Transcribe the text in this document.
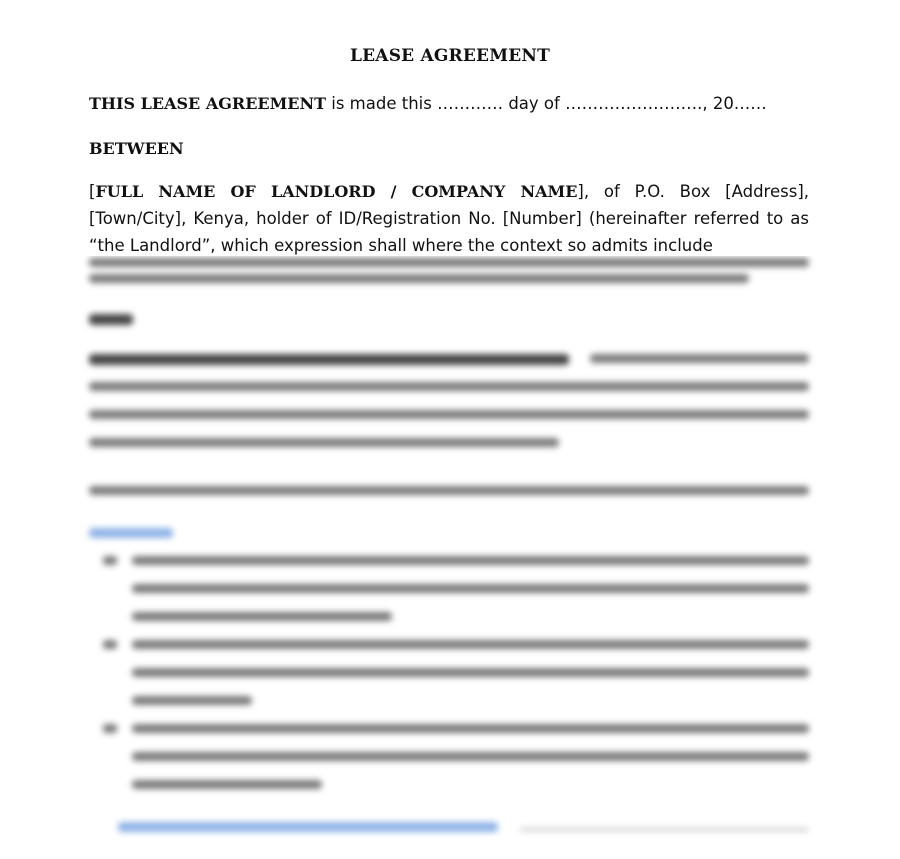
LEASE AGREEMENT
THIS LEASE AGREEMENT is made this ………… day of ……………………., 20……
BETWEEN
[FULL NAME OF LANDLORD / COMPANY NAME], of P.O. Box [Address], [Town/City], Kenya, holder of ID/Registration No. [Number] (hereinafter referred to as “the Landlord”, which expression shall where the context so admits include
